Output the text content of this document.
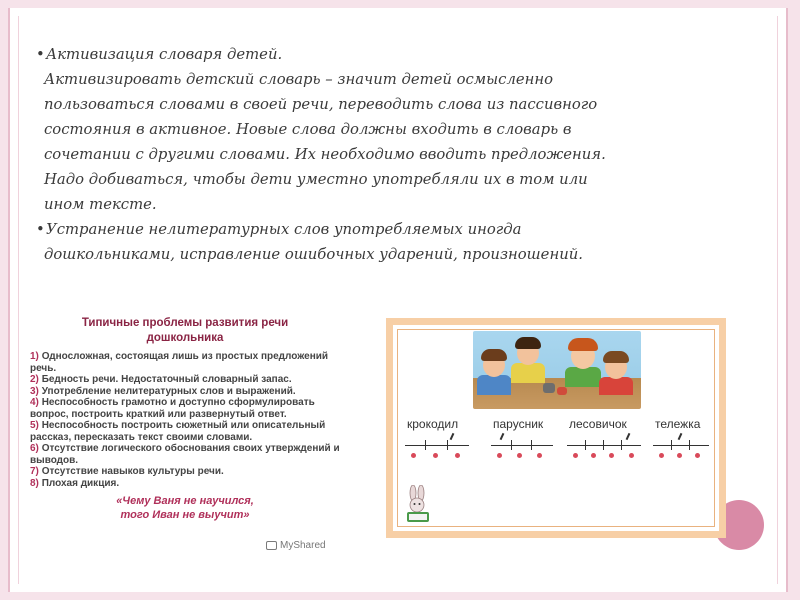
•Активизация словаря детей.

Активизировать детский словарь – значит детей осмысленно

пользоваться словами в своей речи, переводить слова из пассивного

состояния в активное. Новые слова должны входить в словарь в

сочетании с другими словами. Их необходимо вводить предложения.

Надо добиваться, чтобы дети уместно употребляли их в том или

ином тексте.

•Устранение нелитературных слов употребляемых иногда

дошкольниками, исправление ошибочных ударений, произношений.

Типичные проблемы развития речи
дошкольника
1) Односложная, состоящая лишь из простых предложений речь.
2) Бедность речи. Недостаточный словарный запас.
3) Употребление нелитературных слов и выражений.
4) Неспособность грамотно и доступно сформулировать вопрос, построить краткий или развернутый ответ.
5) Неспособность построить сюжетный или описательный рассказ, пересказать текст своими словами.
6) Отсутствие логического обоснования своих утверждений и выводов.
7) Отсутствие навыков культуры речи.
8) Плохая дикция.
«Чему Ваня не научился,
того Иван не выучит»
MyShared
крокодил	парусник лесовичок тележка
